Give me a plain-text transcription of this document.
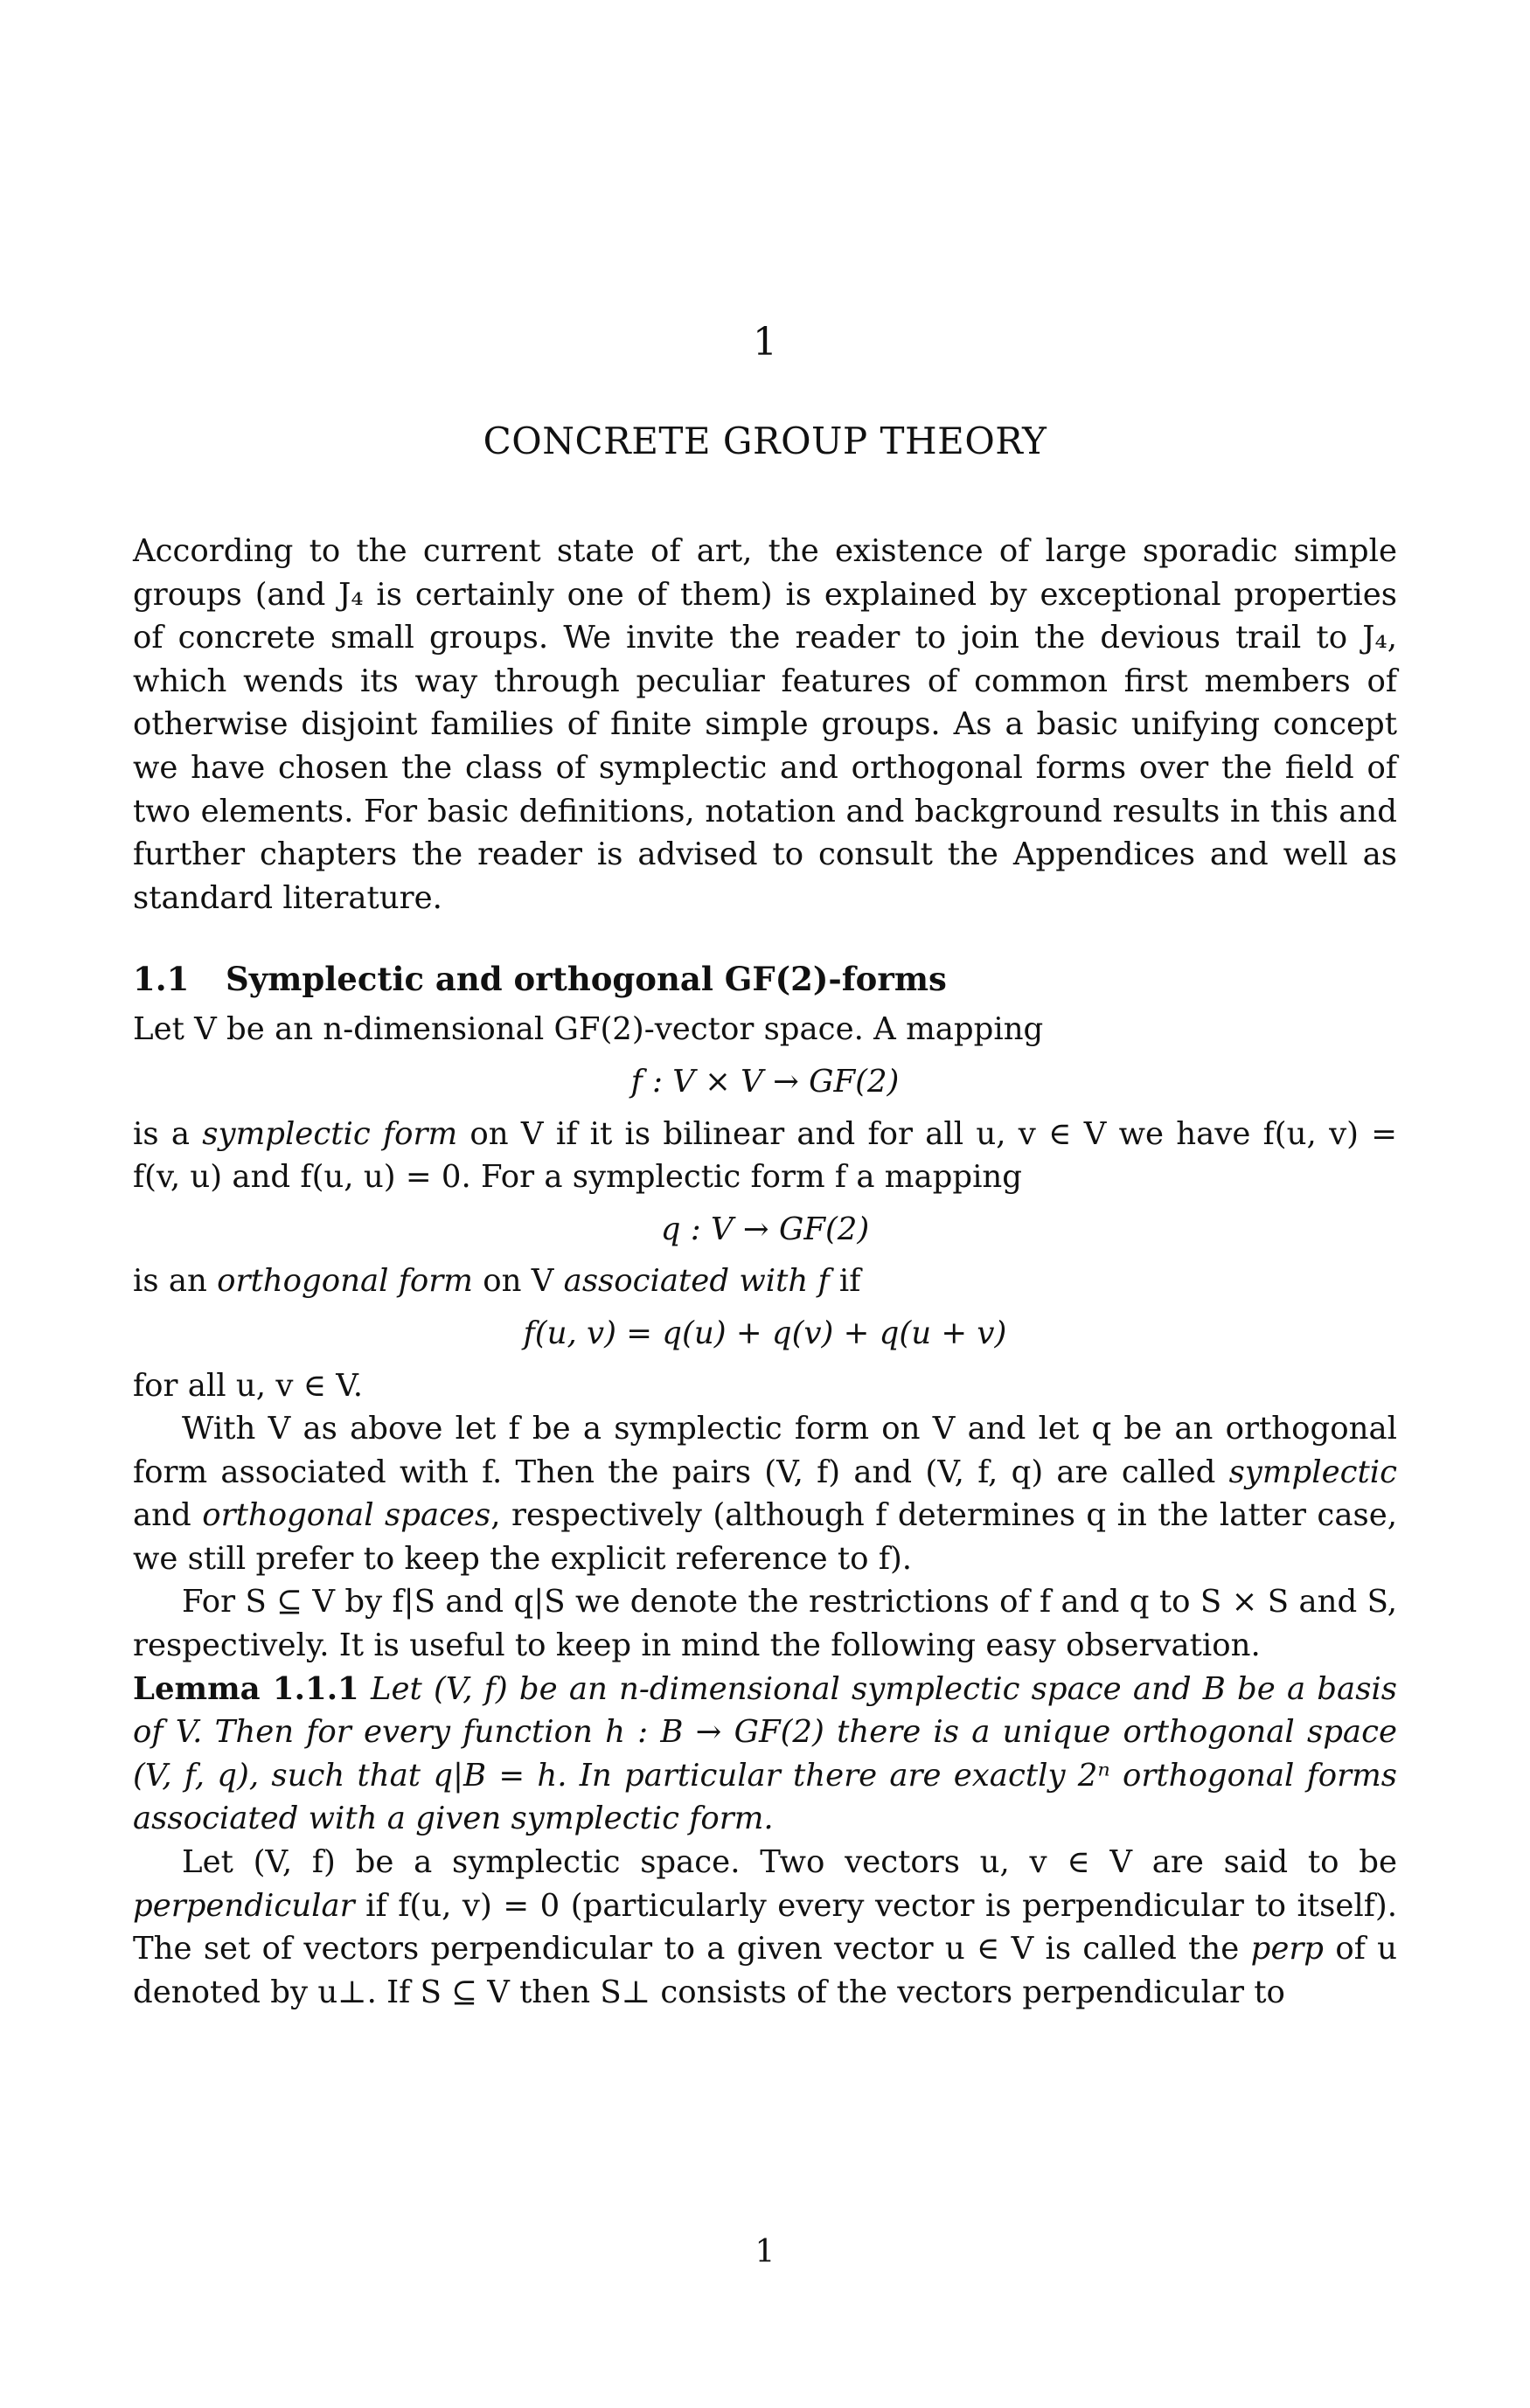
1
CONCRETE GROUP THEORY

According to the current state of art, the existence of large sporadic simple groups (and J₄ is certainly one of them) is explained by exceptional properties of concrete small groups. We invite the reader to join the devious trail to J₄, which wends its way through peculiar features of common first members of otherwise disjoint families of finite simple groups. As a basic unifying concept we have chosen the class of symplectic and orthogonal forms over the field of two elements. For basic definitions, notation and background results in this and further chapters the reader is advised to consult the Appendices and well as standard literature.

1.1 Symplectic and orthogonal GF(2)-forms

Let V be an n-dimensional GF(2)-vector space. A mapping

f : V × V → GF(2)

is a symplectic form on V if it is bilinear and for all u, v ∈ V we have f(u, v) = f(v, u) and f(u, u) = 0. For a symplectic form f a mapping

q : V → GF(2)

is an orthogonal form on V associated with f if

f(u, v) = q(u) + q(v) + q(u + v)

for all u, v ∈ V.

With V as above let f be a symplectic form on V and let q be an orthogonal form associated with f. Then the pairs (V, f) and (V, f, q) are called symplectic and orthogonal spaces, respectively (although f determines q in the latter case, we still prefer to keep the explicit reference to f).

For S ⊆ V by f|S and q|S we denote the restrictions of f and q to S × S and S, respectively. It is useful to keep in mind the following easy observation.

Lemma 1.1.1 Let (V, f) be an n-dimensional symplectic space and B be a basis of V. Then for every function h : B → GF(2) there is a unique orthogonal space (V, f, q), such that q|B = h. In particular there are exactly 2ⁿ orthogonal forms associated with a given symplectic form.

Let (V, f) be a symplectic space. Two vectors u, v ∈ V are said to be perpendicular if f(u, v) = 0 (particularly every vector is perpendicular to itself). The set of vectors perpendicular to a given vector u ∈ V is called the perp of u denoted by u⊥. If S ⊆ V then S⊥ consists of the vectors perpendicular to

1
